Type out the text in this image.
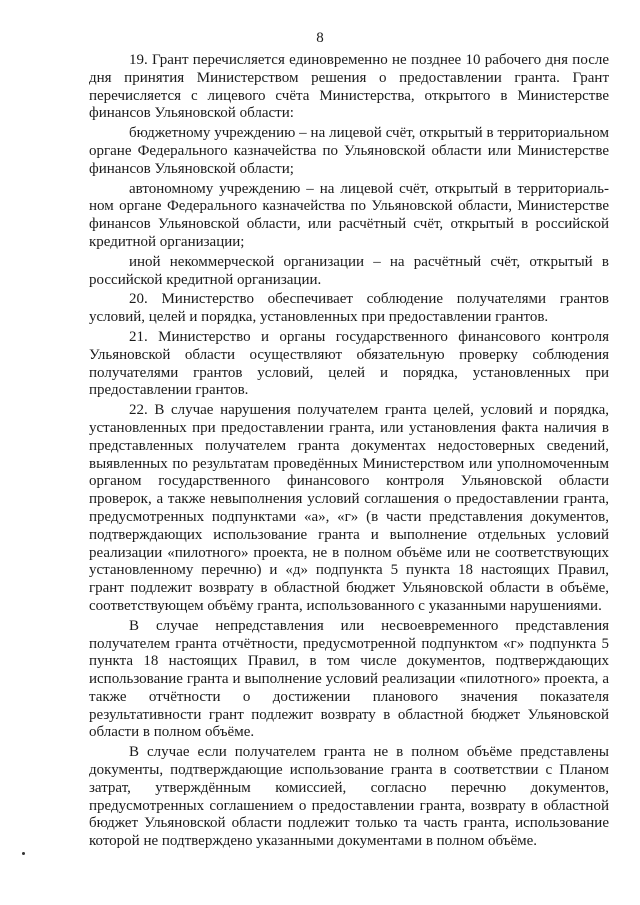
8

19. Грант перечисляется единовременно не позднее 10 рабочего дня после дня принятия Министерством решения о предоставлении гранта. Грант перечисляется с лицевого счёта Министерства, открытого в Министерстве финансов Ульяновской области:

бюджетному учреждению – на лицевой счёт, открытый в территориальном органе Федерального казначейства по Ульяновской области или Министерстве финансов Ульяновской области;

автономному учреждению – на лицевой счёт, открытый в территориальном органе Федерального казначейства по Ульяновской области, Министерстве финансов Ульяновской области, или расчётный счёт, открытый в российской кредитной организации;

иной некоммерческой организации – на расчётный счёт, открытый в российской кредитной организации.

20. Министерство обеспечивает соблюдение получателями грантов условий, целей и порядка, установленных при предоставлении грантов.

21. Министерство и органы государственного финансового контроля Ульяновской области осуществляют обязательную проверку соблюдения получателями грантов условий, целей и порядка, установленных при предоставлении грантов.

22. В случае нарушения получателем гранта целей, условий и порядка, установленных при предоставлении гранта, или установления факта наличия в представленных получателем гранта документах недостоверных сведений, выявленных по результатам проведённых Министерством или уполномоченным органом государственного финансового контроля Ульяновской области проверок, а также невыполнения условий соглашения о предоставлении гранта, предусмотренных подпунктами «а», «г» (в части представления документов, подтверждающих использование гранта и выполнение отдельных условий реализации «пилотного» проекта, не в полном объёме или не соответствующих установленному перечню) и «д» подпункта 5 пункта 18 настоящих Правил, грант подлежит возврату в областной бюджет Ульяновской области в объёме, соответствующем объёму гранта, использованного с указанными нарушениями.

В случае непредставления или несвоевременного представления получателем гранта отчётности, предусмотренной подпунктом «г» подпункта 5 пункта 18 настоящих Правил, в том числе документов, подтверждающих использование гранта и выполнение условий реализации «пилотного» проекта, а также отчётности о достижении планового значения показателя результативности грант подлежит возврату в областной бюджет Ульяновской области в полном объёме.

В случае если получателем гранта не в полном объёме представлены документы, подтверждающие использование гранта в соответствии с Планом затрат, утверждённым комиссией, согласно перечню документов, предусмотренных соглашением о предоставлении гранта, возврату в областной бюджет Ульяновской области подлежит только та часть гранта, использование которой не подтверждено указанными документами в полном объёме.
